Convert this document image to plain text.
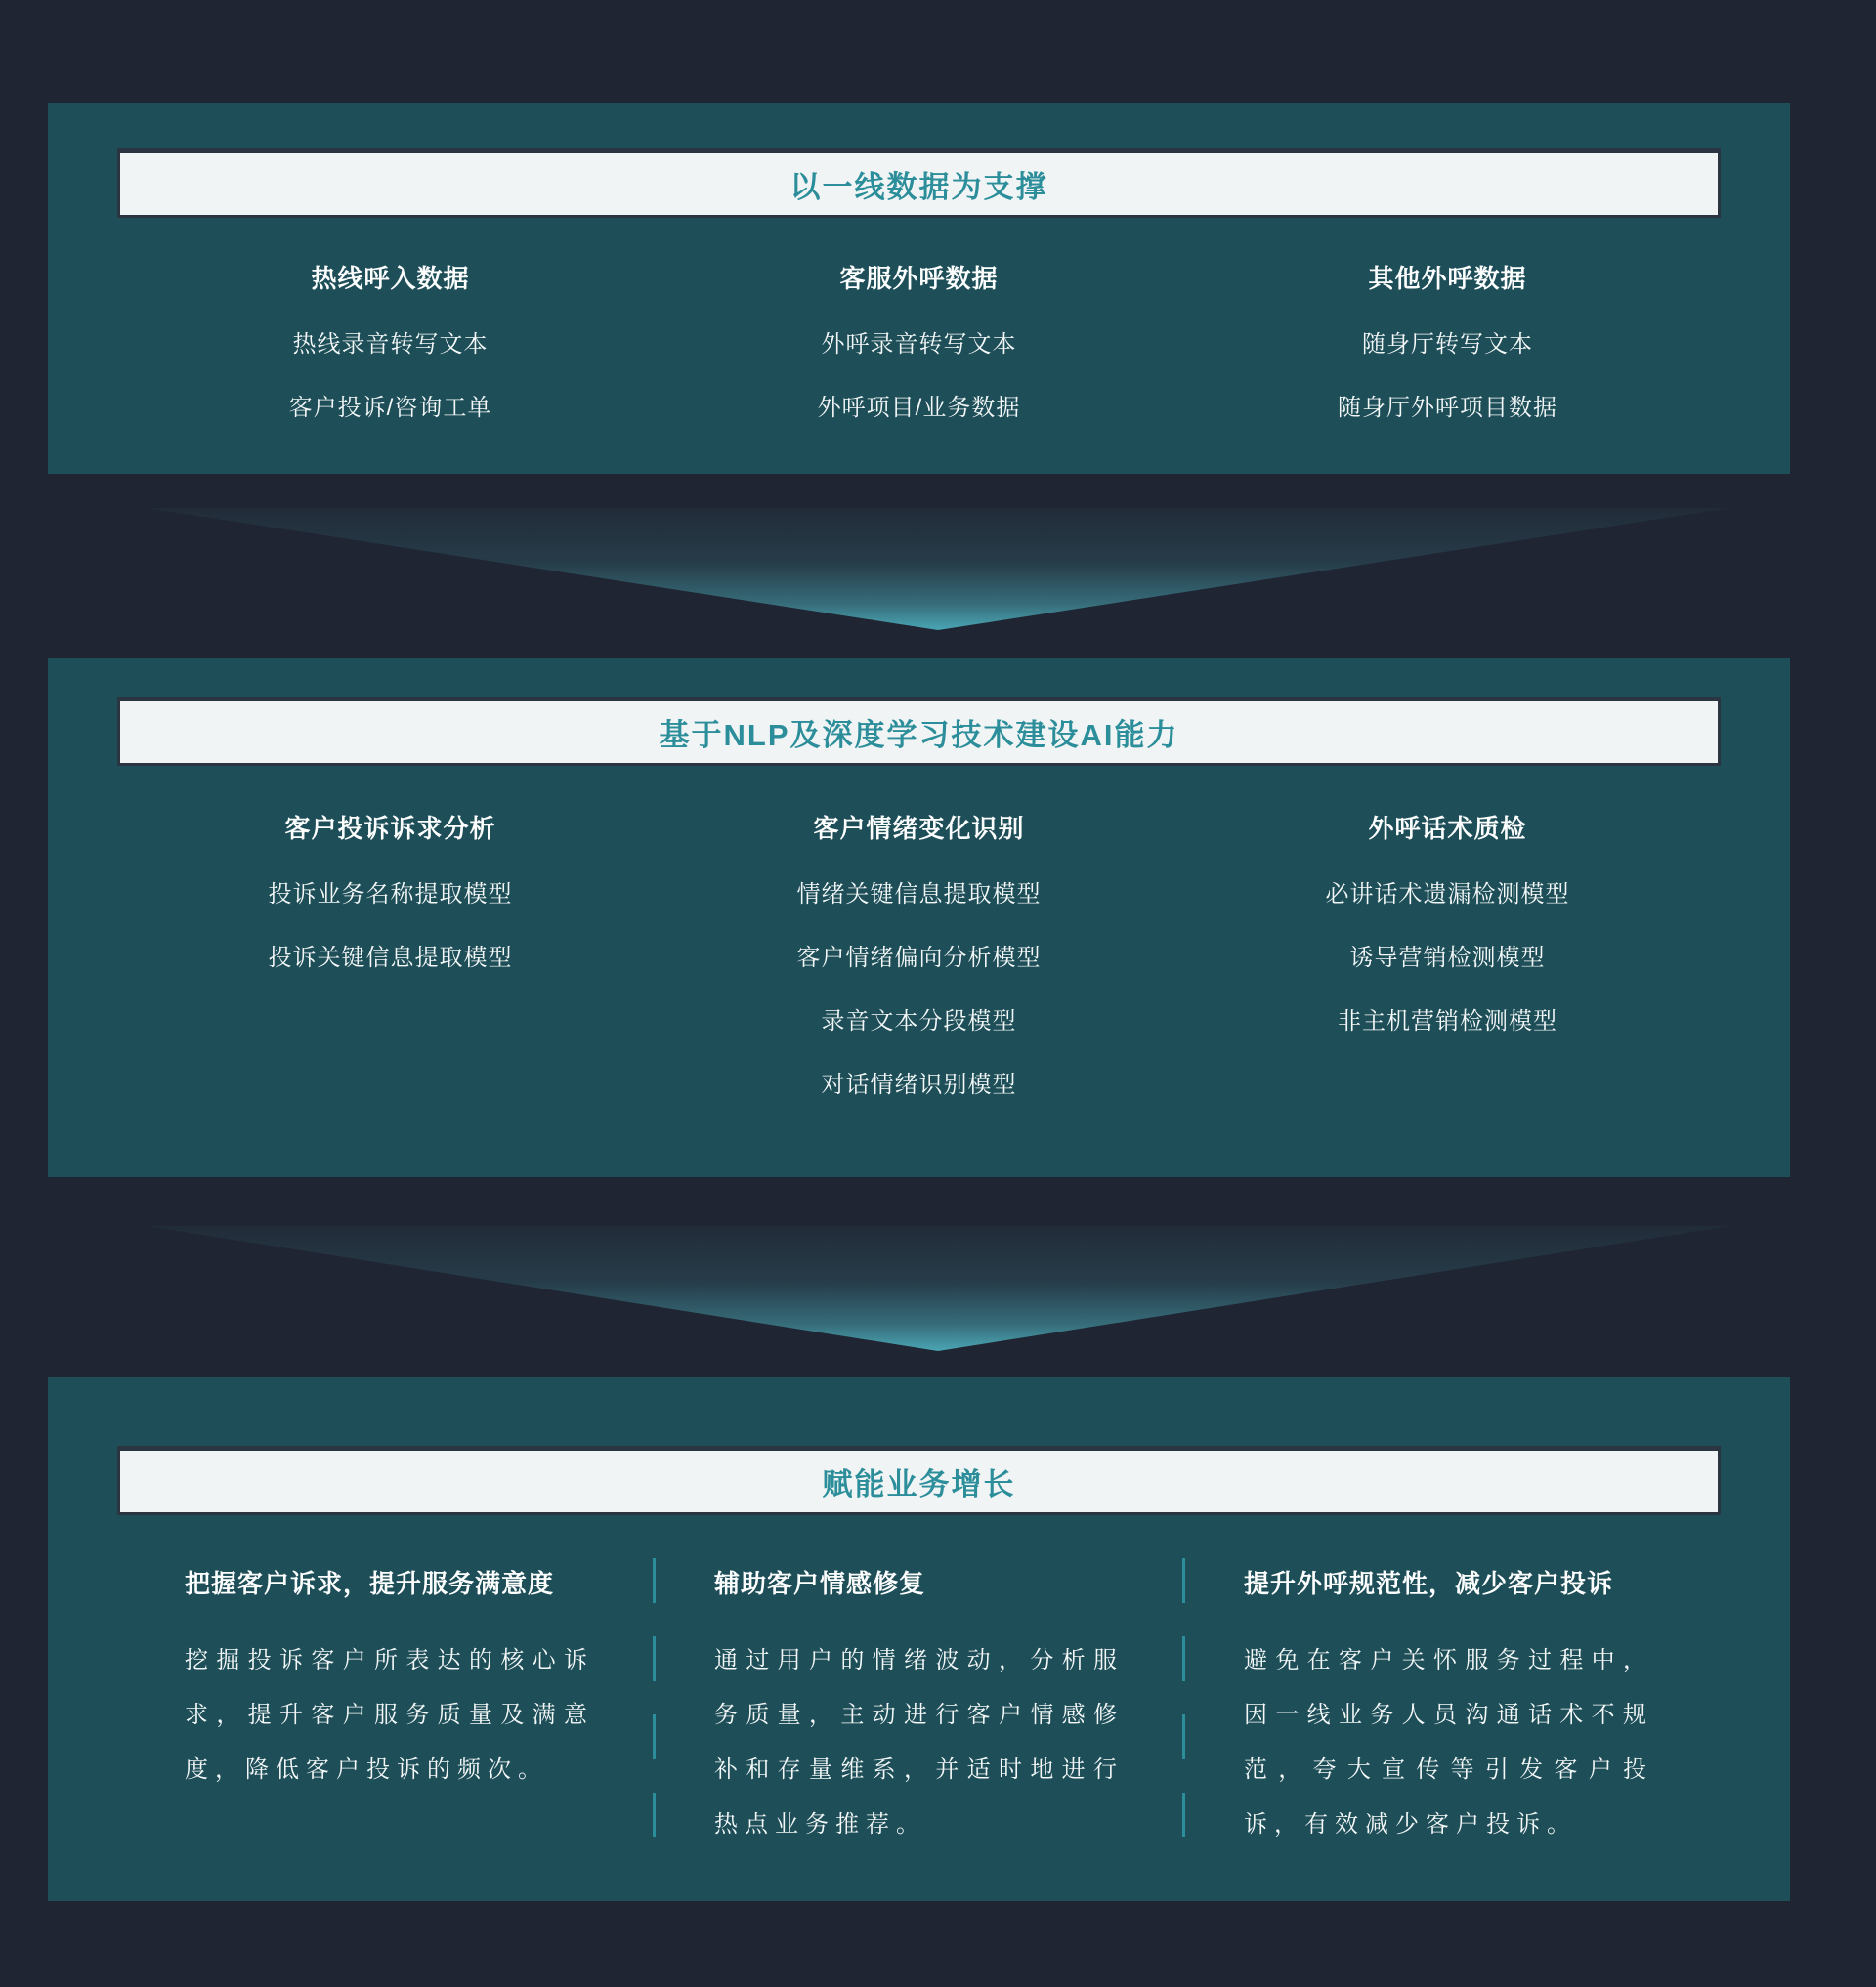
以一线数据为支撑
热线呼入数据
热线录音转写文本
客户投诉/咨询工单
客服外呼数据
外呼录音转写文本
外呼项目/业务数据
其他外呼数据
随身厅转写文本
随身厅外呼项目数据
基于NLP及深度学习技术建设AI能力
客户投诉诉求分析
投诉业务名称提取模型
投诉关键信息提取模型
客户情绪变化识别
情绪关键信息提取模型
客户情绪偏向分析模型
录音文本分段模型
对话情绪识别模型
外呼话术质检
必讲话术遗漏检测模型
诱导营销检测模型
非主机营销检测模型
赋能业务增长
把握客户诉求，提升服务满意度

挖掘投诉客户所表达的核心诉求，提升客户服务质量及满意度，降低客户投诉的频次。

辅助客户情感修复

通过用户的情绪波动，分析服务质量，主动进行客户情感修补和存量维系，并适时地进行热点业务推荐。

提升外呼规范性，减少客户投诉

避免在客户关怀服务过程中，因一线业务人员沟通话术不规范，夸大宣传等引发客户投诉，有效减少客户投诉。
